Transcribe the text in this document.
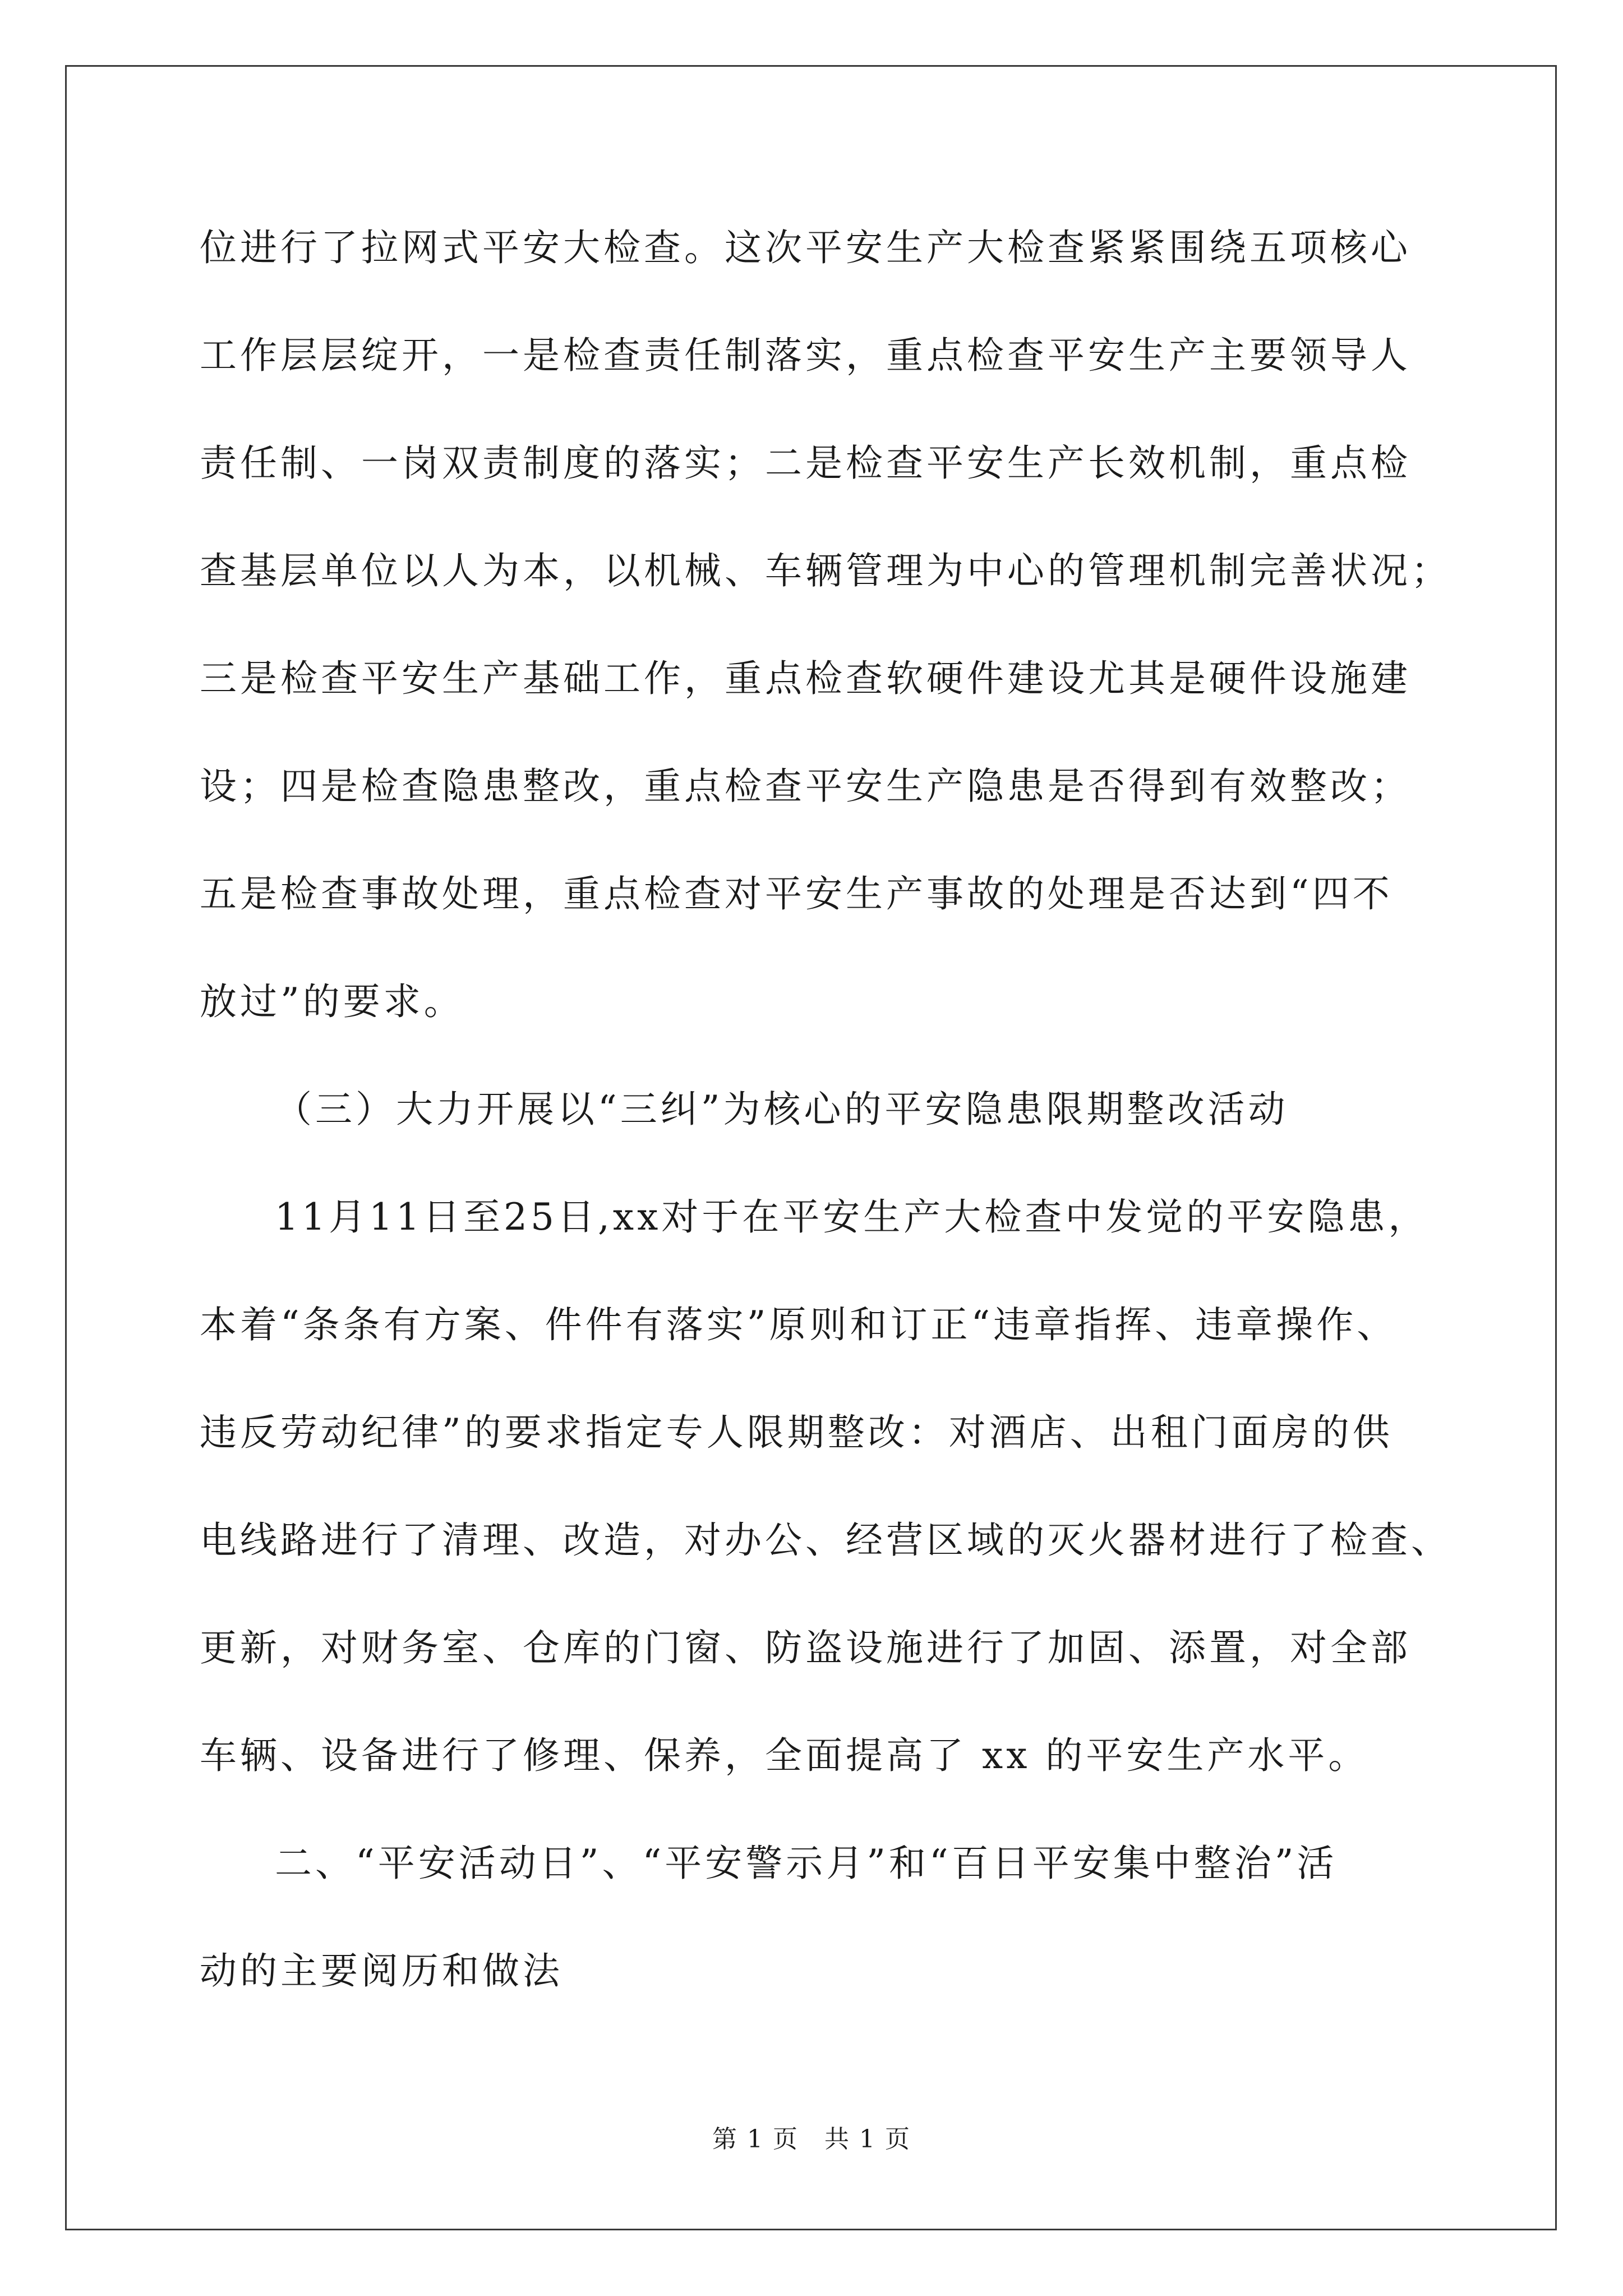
位进行了拉网式平安大检查。这次平安生产大检查紧紧围绕五项核心
工作层层绽开，一是检查责任制落实，重点检查平安生产主要领导人
责任制、一岗双责制度的落实；二是检查平安生产长效机制，重点检
查基层单位以人为本，以机械、车辆管理为中心的管理机制完善状况；
三是检查平安生产基础工作，重点检查软硬件建设尤其是硬件设施建
设；四是检查隐患整改，重点检查平安生产隐患是否得到有效整改；
五是检查事故处理，重点检查对平安生产事故的处理是否达到“四不
放过”的要求。
（三）大力开展以“三纠”为核心的平安隐患限期整改活动
11月11日至25日,xx对于在平安生产大检查中发觉的平安隐患，
本着“条条有方案、件件有落实”原则和订正“违章指挥、违章操作、
违反劳动纪律”的要求指定专人限期整改：对酒店、出租门面房的供
电线路进行了清理、改造，对办公、经营区域的灭火器材进行了检查、
更新，对财务室、仓库的门窗、防盗设施进行了加固、添置，对全部
车辆、设备进行了修理、保养，全面提高了 xx 的平安生产水平。
二、“平安活动日”、“平安警示月”和“百日平安集中整治”活
动的主要阅历和做法
第 1 页　共 1 页
